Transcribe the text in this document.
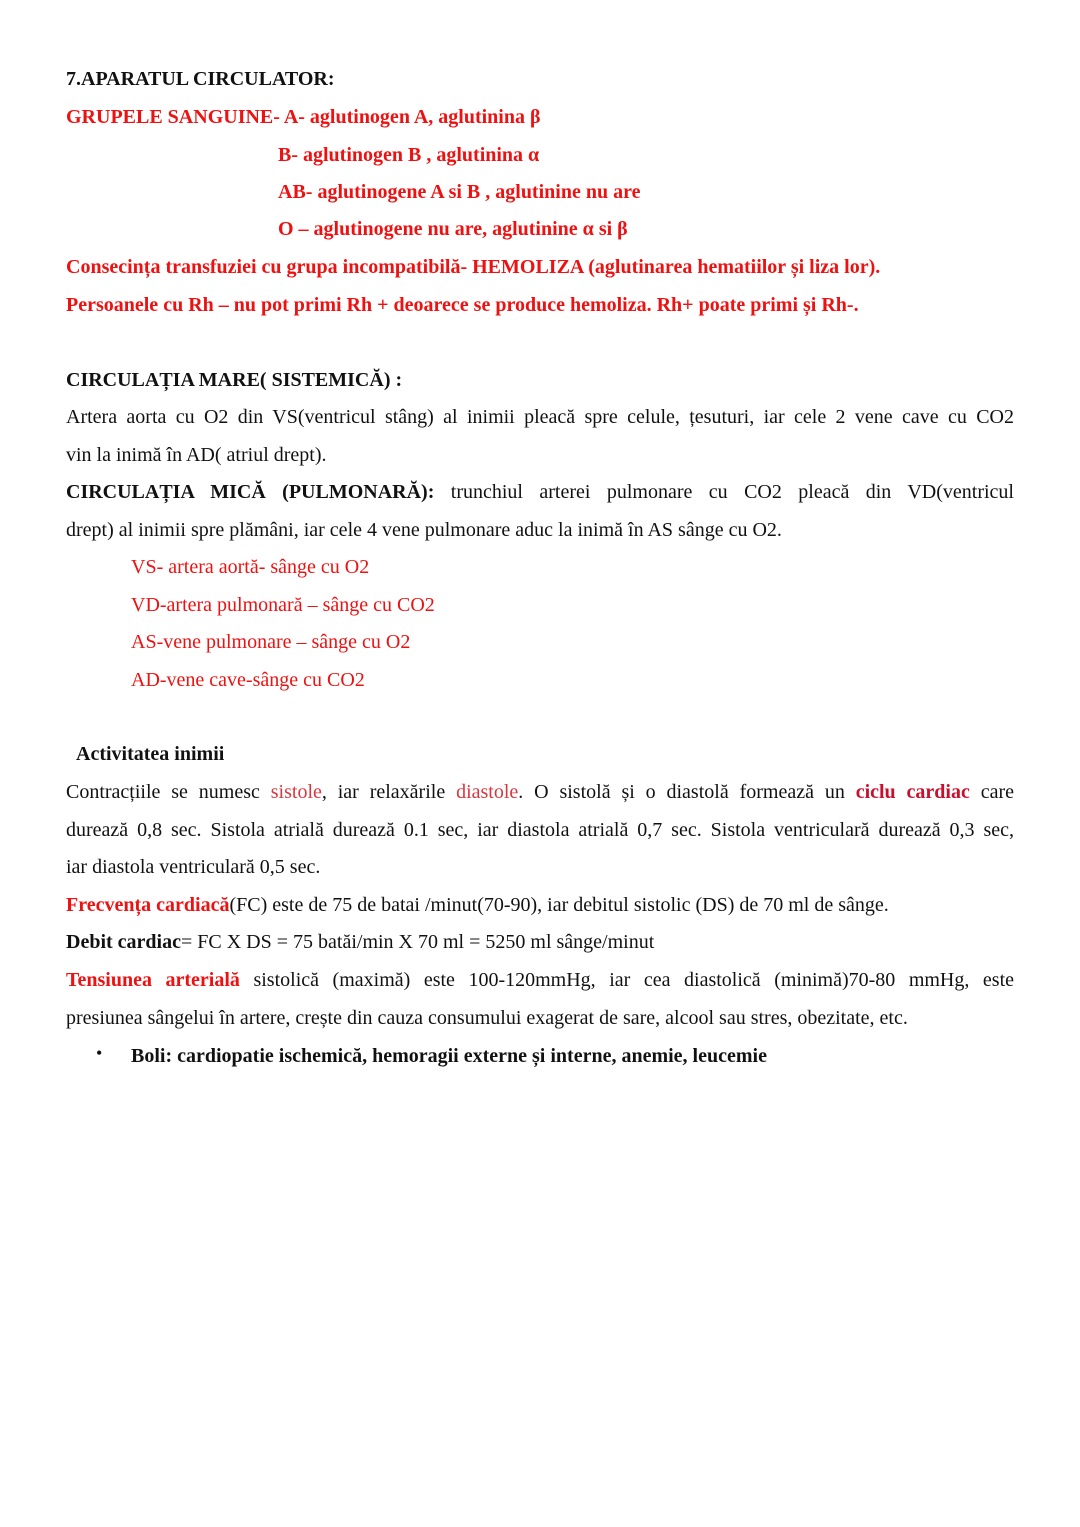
7.APARATUL CIRCULATOR:
GRUPELE SANGUINE- A- aglutinogen A, aglutinina β
B- aglutinogen B , aglutinina α
AB- aglutinogene A si B , aglutinine nu are
O – aglutinogene nu are, aglutinine α si β
Consecința transfuziei cu grupa incompatibilă- HEMOLIZA (aglutinarea hematiilor și liza lor).
Persoanele cu Rh – nu pot primi Rh + deoarece se produce hemoliza. Rh+ poate primi și Rh-.
CIRCULAȚIA MARE( SISTEMICĂ) :
Artera aorta cu O2 din VS(ventricul stâng) al inimii pleacă spre celule, țesuturi, iar cele 2 vene cave cu CO2
vin la inimă în AD( atriul drept).
CIRCULAȚIA MICĂ (PULMONARĂ): trunchiul arterei pulmonare cu CO2 pleacă din VD(ventricul
drept) al inimii spre plămâni, iar cele 4 vene pulmonare aduc la inimă în AS sânge cu O2.
VS- artera aortă- sânge cu O2
VD-artera pulmonară – sânge cu CO2
AS-vene pulmonare – sânge cu O2
AD-vene cave-sânge cu CO2
Activitatea inimii
Contracțiile se numesc sistole, iar relaxările diastole. O sistolă și o diastolă formează un ciclu cardiac care
durează 0,8 sec. Sistola atrială durează 0.1 sec, iar diastola atrială 0,7 sec. Sistola ventriculară durează 0,3 sec,
iar diastola ventriculară 0,5 sec.
Frecvența cardiacă(FC) este de 75 de batai /minut(70-90), iar debitul sistolic (DS) de 70 ml de sânge.
Debit cardiac= FC X DS = 75 batăi/min X 70 ml = 5250 ml sânge/minut
Tensiunea arterială sistolică (maximă) este 100-120mmHg, iar cea diastolică (minimă)70-80 mmHg, este
presiunea sângelui în artere, crește din cauza consumului exagerat de sare, alcool sau stres, obezitate, etc.
• Boli: cardiopatie ischemică, hemoragii externe și interne, anemie, leucemie
